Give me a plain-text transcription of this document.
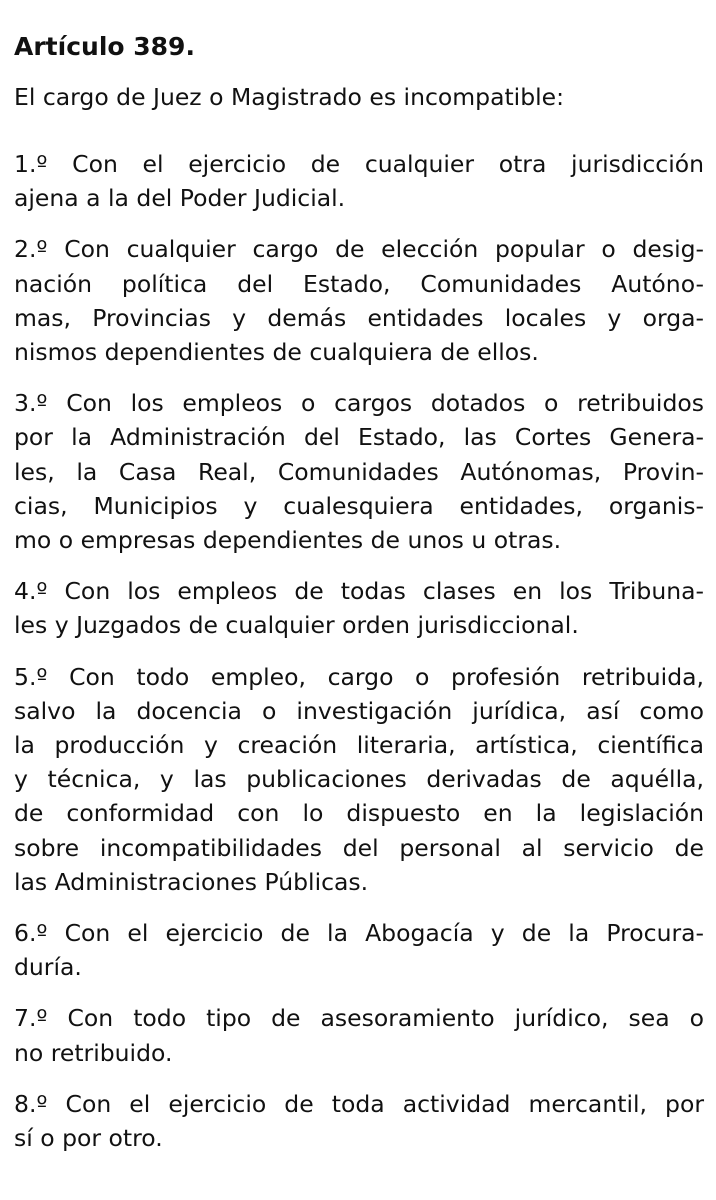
Artículo 389.
El cargo de Juez o Magistrado es incompatible:
1.º Con el ejercicio de cualquier otra jurisdicción
ajena a la del Poder Judicial.
2.º Con cualquier cargo de elección popular o desig-
nación política del Estado, Comunidades Autóno-
mas, Provincias y demás entidades locales y orga-
nismos dependientes de cualquiera de ellos.
3.º Con los empleos o cargos dotados o retribuidos
por la Administración del Estado, las Cortes Genera-
les, la Casa Real, Comunidades Autónomas, Provin-
cias, Municipios y cualesquiera entidades, organis-
mo o empresas dependientes de unos u otras.
4.º Con los empleos de todas clases en los Tribuna-
les y Juzgados de cualquier orden jurisdiccional.
5.º Con todo empleo, cargo o profesión retribuida,
salvo la docencia o investigación jurídica, así como
la producción y creación literaria, artística, científica
y técnica, y las publicaciones derivadas de aquélla,
de conformidad con lo dispuesto en la legislación
sobre incompatibilidades del personal al servicio de
las Administraciones Públicas.
6.º Con el ejercicio de la Abogacía y de la Procura-
duría.
7.º Con todo tipo de asesoramiento jurídico, sea o
no retribuido.
8.º Con el ejercicio de toda actividad mercantil, por
sí o por otro.
